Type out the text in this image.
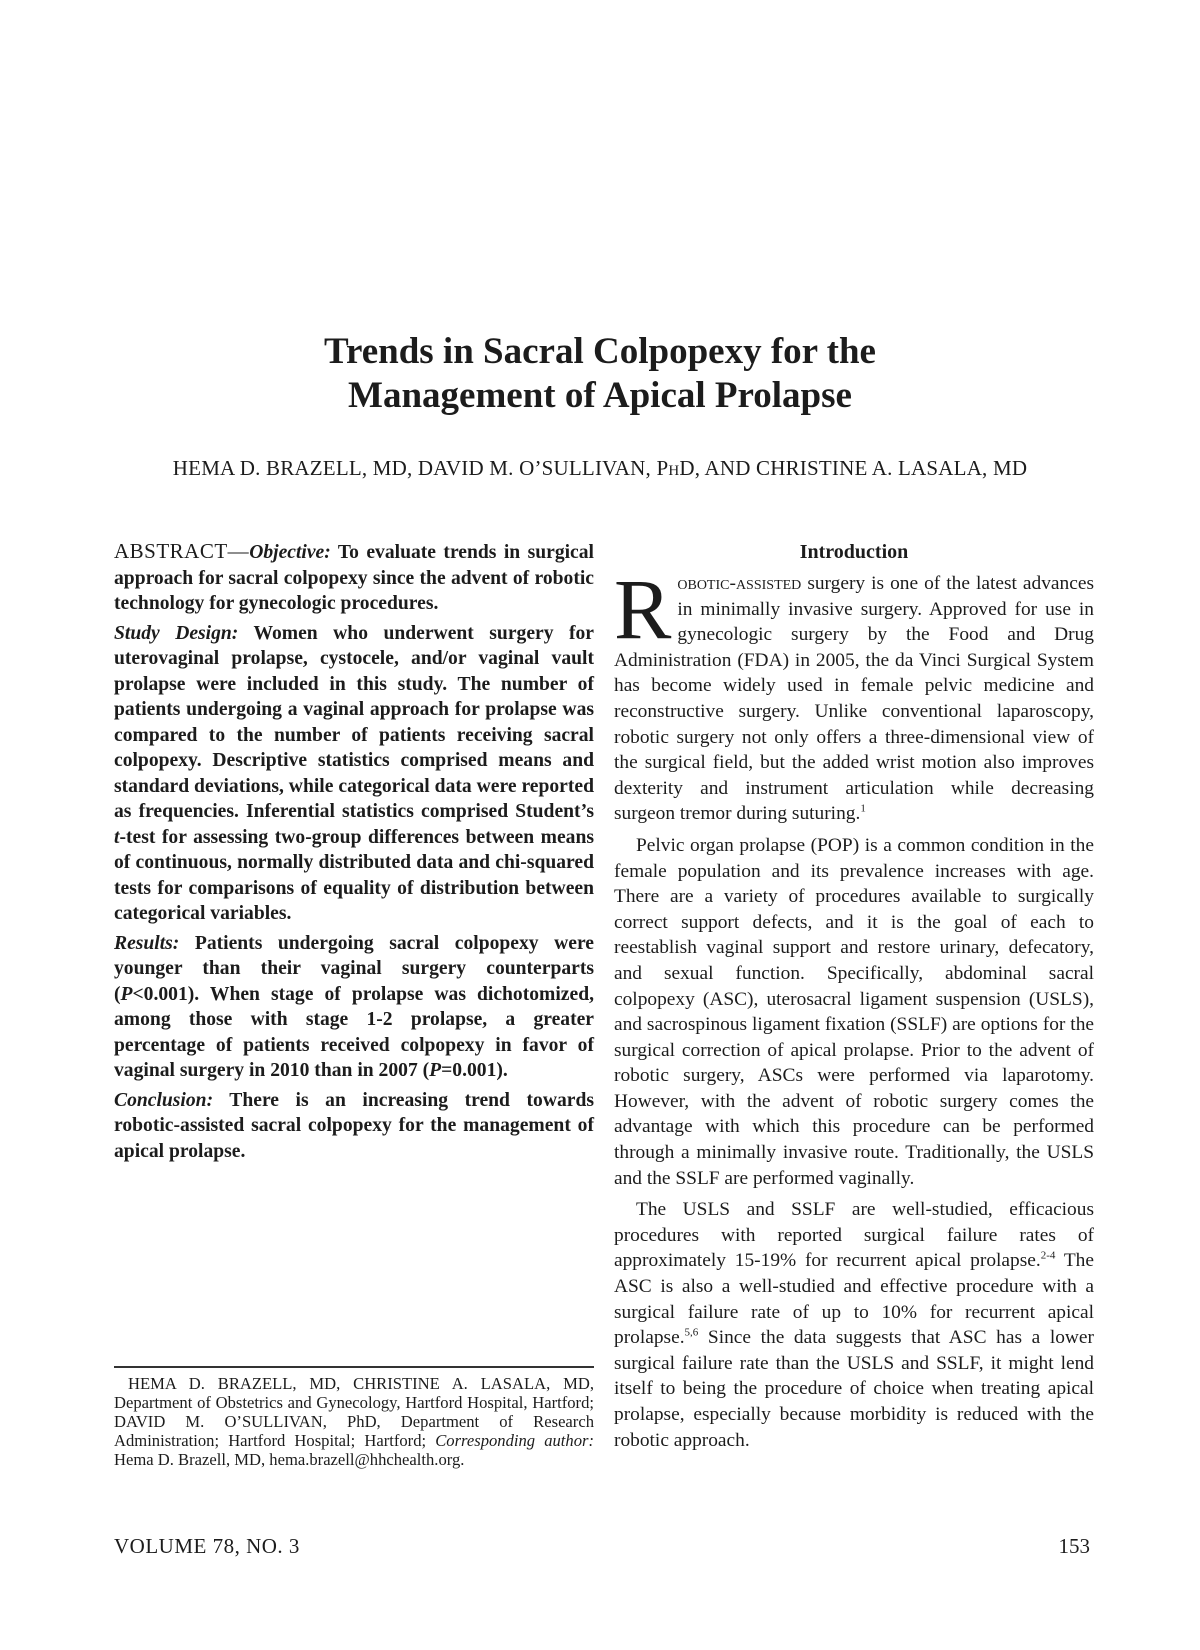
Trends in Sacral Colpopexy for the
Management of Apical Prolapse

HEMA D. BRAZELL, MD, DAVID M. O’SULLIVAN, PhD, AND CHRISTINE A. LASALA, MD

ABSTRACT—Objective: To evaluate trends in surgical approach for sacral colpopexy since the advent of robotic technology for gynecologic procedures.

Study Design: Women who underwent surgery for uterovaginal prolapse, cystocele, and/or vaginal vault prolapse were included in this study. The number of patients undergoing a vaginal approach for prolapse was compared to the number of patients receiving sacral colpopexy. Descriptive statistics comprised means and standard deviations, while categorical data were reported as frequencies. Inferential statistics comprised Student’s t-test for assessing two-group differences between means of continuous, normally distributed data and chi-squared tests for comparisons of equality of distribution between categorical variables.

Results: Patients undergoing sacral colpopexy were younger than their vaginal surgery counterparts (P<0.001). When stage of prolapse was dichotomized, among those with stage 1-2 prolapse, a greater percentage of patients received colpopexy in favor of vaginal surgery in 2010 than in 2007 (P=0.001).

Conclusion: There is an increasing trend towards robotic-assisted sacral colpopexy for the management of apical prolapse.

HEMA D. BRAZELL, MD, CHRISTINE A. LASALA, MD, Department of Obstetrics and Gynecology, Hartford Hospital, Hartford; DAVID M. O’SULLIVAN, PhD, Department of Research Administration; Hartford Hospital; Hartford; Corresponding author: Hema D. Brazell, MD, hema.brazell@hhchealth.org.

Introduction

Robotic-assisted surgery is one of the latest advances in minimally invasive surgery. Approved for use in gynecologic surgery by the Food and Drug Administration (FDA) in 2005, the da Vinci Surgical System has become widely used in female pelvic medicine and reconstructive surgery. Unlike conventional laparoscopy, robotic surgery not only offers a three-dimensional view of the surgical field, but the added wrist motion also improves dexterity and instrument articulation while decreasing surgeon tremor during suturing.$^1$

Pelvic organ prolapse (POP) is a common condition in the female population and its prevalence increases with age. There are a variety of procedures available to surgically correct support defects, and it is the goal of each to reestablish vaginal support and restore urinary, defecatory, and sexual function. Specifically, abdominal sacral colpopexy (ASC), uterosacral ligament suspension (USLS), and sacrospinous ligament fixation (SSLF) are options for the surgical correction of apical prolapse. Prior to the advent of robotic surgery, ASCs were performed via laparotomy. However, with the advent of robotic surgery comes the advantage with which this procedure can be performed through a minimally invasive route. Traditionally, the USLS and the SSLF are performed vaginally.

The USLS and SSLF are well-studied, efficacious procedures with reported surgical failure rates of approximately 15-19% for recurrent apical prolapse.$^{2-4}$ The ASC is also a well-studied and effective procedure with a surgical failure rate of up to 10% for recurrent apical prolapse.$^{5,6}$ Since the data suggests that ASC has a lower surgical failure rate than the USLS and SSLF, it might lend itself to being the procedure of choice when treating apical prolapse, especially because morbidity is reduced with the robotic approach.

VOLUME 78, NO. 3	153
